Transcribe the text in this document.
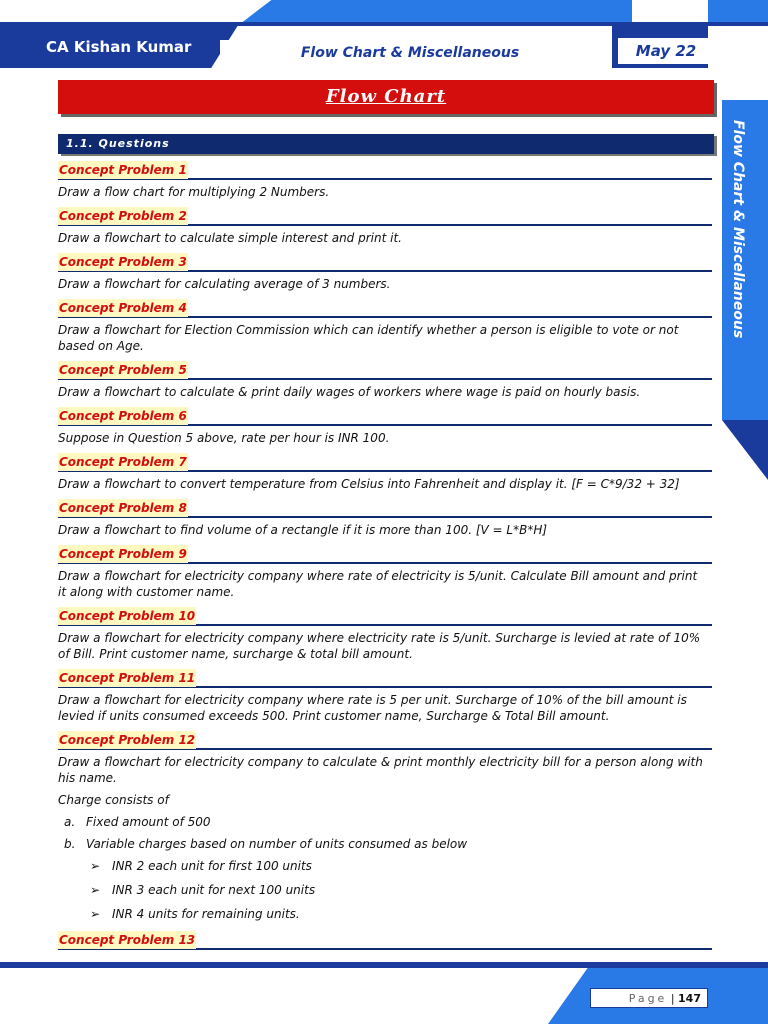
CA Kishan Kumar	Flow Chart & Miscellaneous	May 22
Flow Chart & Miscellaneous
Flow Chart
1.1. Questions
Concept Problem 1
Draw a flow chart for multiplying 2 Numbers.
Concept Problem 2
Draw a flowchart to calculate simple interest and print it.
Concept Problem 3
Draw a flowchart for calculating average of 3 numbers.
Concept Problem 4
Draw a flowchart for Election Commission which can identify whether a person is eligible to vote or not based on Age.
Concept Problem 5
Draw a flowchart to calculate & print daily wages of workers where wage is paid on hourly basis.
Concept Problem 6
Suppose in Question 5 above, rate per hour is INR 100.
Concept Problem 7
Draw a flowchart to convert temperature from Celsius into Fahrenheit and display it. [F = C*9/32 + 32]
Concept Problem 8
Draw a flowchart to find volume of a rectangle if it is more than 100. [V = L*B*H]
Concept Problem 9
Draw a flowchart for electricity company where rate of electricity is 5/unit. Calculate Bill amount and print it along with customer name.
Concept Problem 10
Draw a flowchart for electricity company where electricity rate is 5/unit. Surcharge is levied at rate of 10% of Bill. Print customer name, surcharge & total bill amount.
Concept Problem 11
Draw a flowchart for electricity company where rate is 5 per unit. Surcharge of 10% of the bill amount is levied if units consumed exceeds 500. Print customer name, Surcharge & Total Bill amount.
Concept Problem 12
Draw a flowchart for electricity company to calculate & print monthly electricity bill for a person along with his name.
Charge consists of
a. Fixed amount of 500
b. Variable charges based on number of units consumed as below
➢ INR 2 each unit for first 100 units
➢ INR 3 each unit for next 100 units
➢ INR 4 units for remaining units.
Concept Problem 13
Page | 147
